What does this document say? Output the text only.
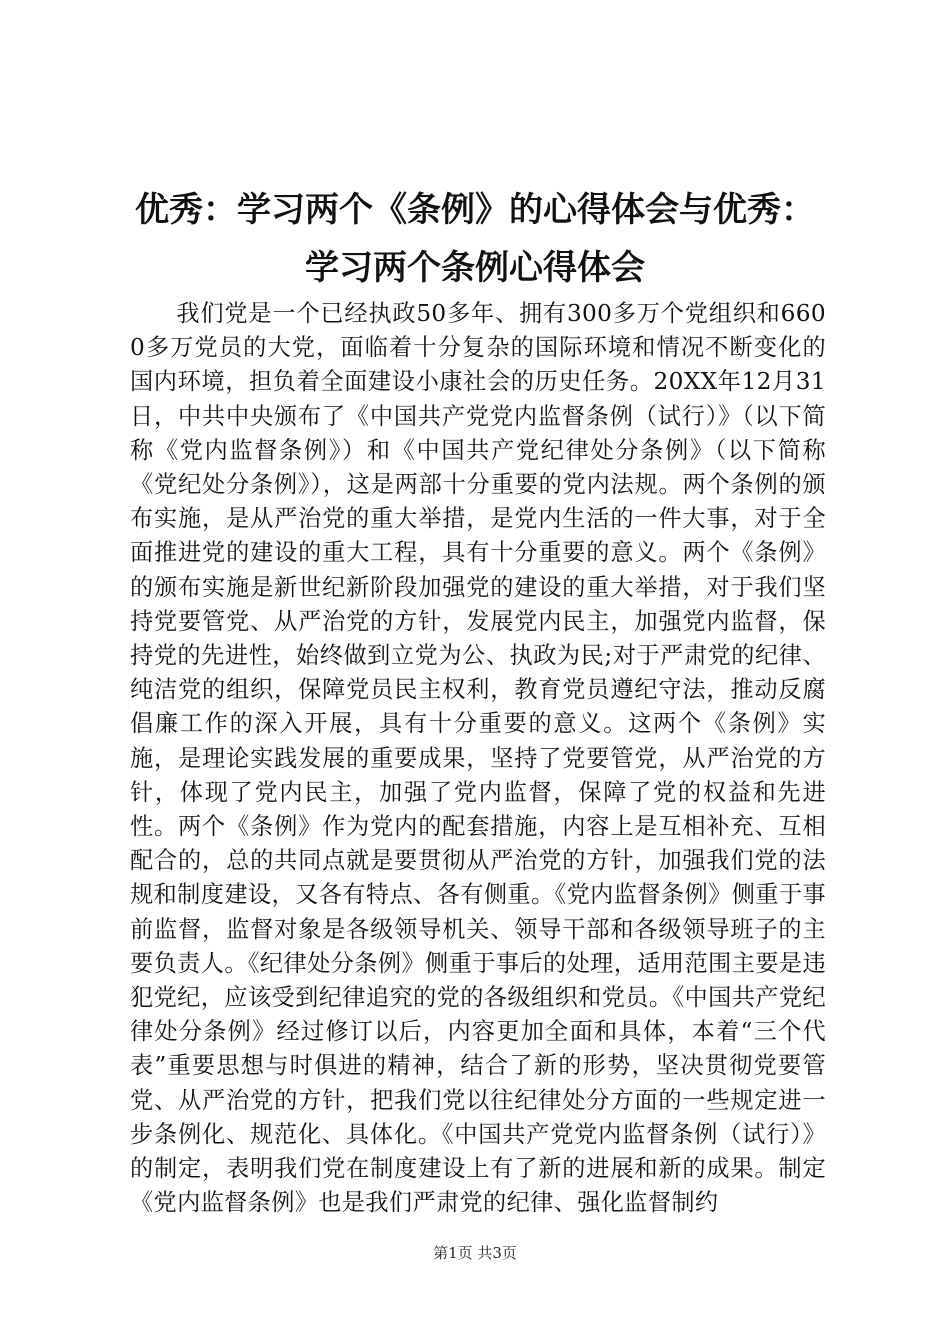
优秀：学习两个《条例》的心得体会与优秀：
学习两个条例心得体会

我们党是一个已经执政50多年、拥有300多万个党组织和6600多万党员的大党，面临着十分复杂的国际环境和情况不断变化的国内环境，担负着全面建设小康社会的历史任务。20XX年12月31日，中共中央颁布了《中国共产党党内监督条例（试行）》（以下简称《党内监督条例》）和《中国共产党纪律处分条例》（以下简称《党纪处分条例》），这是两部十分重要的党内法规。两个条例的颁布实施，是从严治党的重大举措，是党内生活的一件大事，对于全面推进党的建设的重大工程，具有十分重要的意义。两个《条例》的颁布实施是新世纪新阶段加强党的建设的重大举措，对于我们坚持党要管党、从严治党的方针，发展党内民主，加强党内监督，保持党的先进性，始终做到立党为公、执政为民;对于严肃党的纪律、纯洁党的组织，保障党员民主权利，教育党员遵纪守法，推动反腐倡廉工作的深入开展，具有十分重要的意义。这两个《条例》实施，是理论实践发展的重要成果，坚持了党要管党，从严治党的方针，体现了党内民主，加强了党内监督，保障了党的权益和先进性。两个《条例》作为党内的配套措施，内容上是互相补充、互相配合的，总的共同点就是要贯彻从严治党的方针，加强我们党的法规和制度建设，又各有特点、各有侧重。《党内监督条例》侧重于事前监督，监督对象是各级领导机关、领导干部和各级领导班子的主要负责人。《纪律处分条例》侧重于事后的处理，适用范围主要是违犯党纪，应该受到纪律追究的党的各级组织和党员。《中国共产党纪律处分条例》经过修订以后，内容更加全面和具体，本着“三个代表”重要思想与时俱进的精神，结合了新的形势，坚决贯彻党要管党、从严治党的方针，把我们党以往纪律处分方面的一些规定进一步条例化、规范化、具体化。《中国共产党党内监督条例（试行）》的制定，表明我们党在制度建设上有了新的进展和新的成果。制定《党内监督条例》也是我们严肃党的纪律、强化监督制约

第1页 共3页
